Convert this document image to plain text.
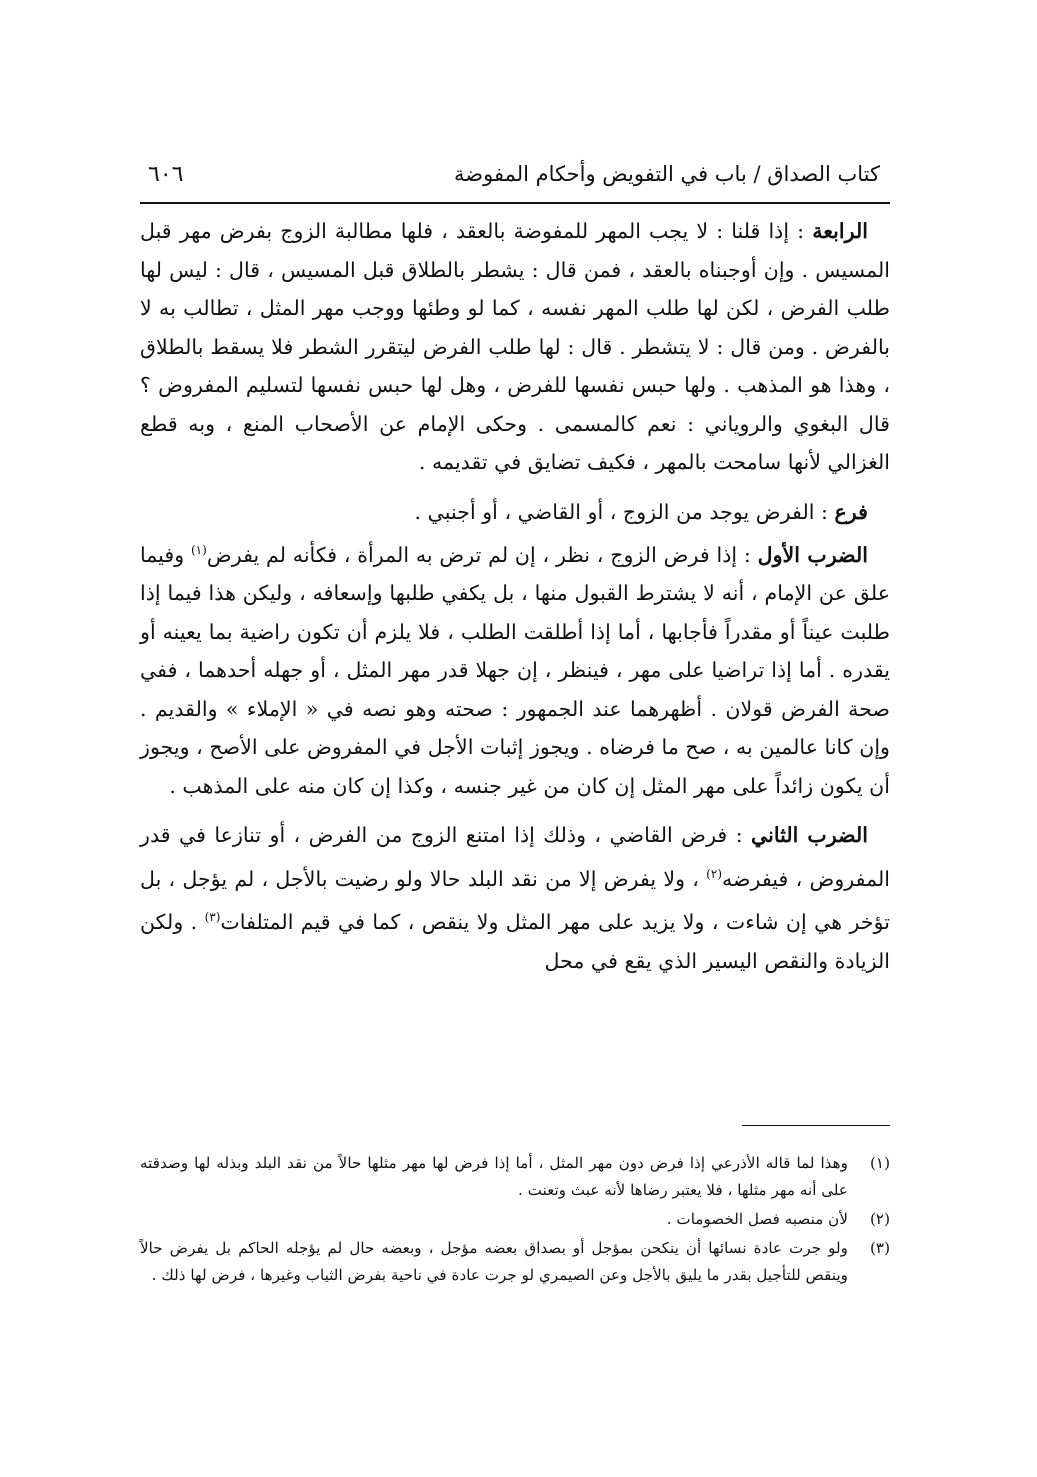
كتاب الصداق / باب في التفويض وأحكام المفوضة
٦٠٦

الرابعة : إذا قلنا : لا يجب المهر للمفوضة بالعقد ، فلها مطالبة الزوج بفرض مهر قبل المسيس . وإن أوجبناه بالعقد ، فمن قال : يشطر بالطلاق قبل المسيس ، قال : ليس لها طلب الفرض ، لكن لها طلب المهر نفسه ، كما لو وطئها ووجب مهر المثل ، تطالب به لا بالفرض . ومن قال : لا يتشطر . قال : لها طلب الفرض ليتقرر الشطر فلا يسقط بالطلاق ، وهذا هو المذهب . ولها حبس نفسها للفرض ، وهل لها حبس نفسها لتسليم المفروض ؟ قال البغوي والروياني : نعم كالمسمى . وحكى الإمام عن الأصحاب المنع ، وبه قطع الغزالي لأنها سامحت بالمهر ، فكيف تضايق في تقديمه .

فرع : الفرض يوجد من الزوج ، أو القاضي ، أو أجنبي .

الضرب الأول : إذا فرض الزوج ، نظر ، إن لم ترض به المرأة ، فكأنه لم يفرض$^{(١)}$ وفيما علق عن الإمام ، أنه لا يشترط القبول منها ، بل يكفي طلبها وإسعافه ، وليكن هذا فيما إذا طلبت عيناً أو مقدراً فأجابها ، أما إذا أطلقت الطلب ، فلا يلزم أن تكون راضية بما يعينه أو يقدره . أما إذا تراضيا على مهر ، فينظر ، إن جهلا قدر مهر المثل ، أو جهله أحدهما ، ففي صحة الفرض قولان . أظهرهما عند الجمهور : صحته وهو نصه في « الإملاء » والقديم . وإن كانا عالمين به ، صح ما فرضاه . ويجوز إثبات الأجل في المفروض على الأصح ، ويجوز أن يكون زائداً على مهر المثل إن كان من غير جنسه ، وكذا إن كان منه على المذهب .

الضرب الثاني : فرض القاضي ، وذلك إذا امتنع الزوج من الفرض ، أو تنازعا في قدر المفروض ، فيفرضه$^{(٢)}$ ، ولا يفرض إلا من نقد البلد حالا ولو رضيت بالأجل ، لم يؤجل ، بل تؤخر هي إن شاءت ، ولا يزيد على مهر المثل ولا ينقص ، كما في قيم المتلفات$^{(٣)}$ . ولكن الزيادة والنقص اليسير الذي يقع في محل

(١)
وهذا لما قاله الأذرعي إذا فرض دون مهر المثل ، أما إذا فرض لها مهر مثلها حالاً من نقد البلد وبذله لها وصدقته على أنه مهر مثلها ، فلا يعتبر رضاها لأنه عبث وتعنت .
(٢)
لأن منصبه فصل الخصومات .
(٣)
ولو جرت عادة نسائها أن ينكحن بمؤجل أو بصداق بعضه مؤجل ، وبعضه حال لم يؤجله الحاكم بل يفرض حالاً وينقص للتأجيل بقدر ما يليق بالأجل وعن الصيمري لو جرت عادة في ناحية بفرض الثياب وغيرها ، فرض لها ذلك .
